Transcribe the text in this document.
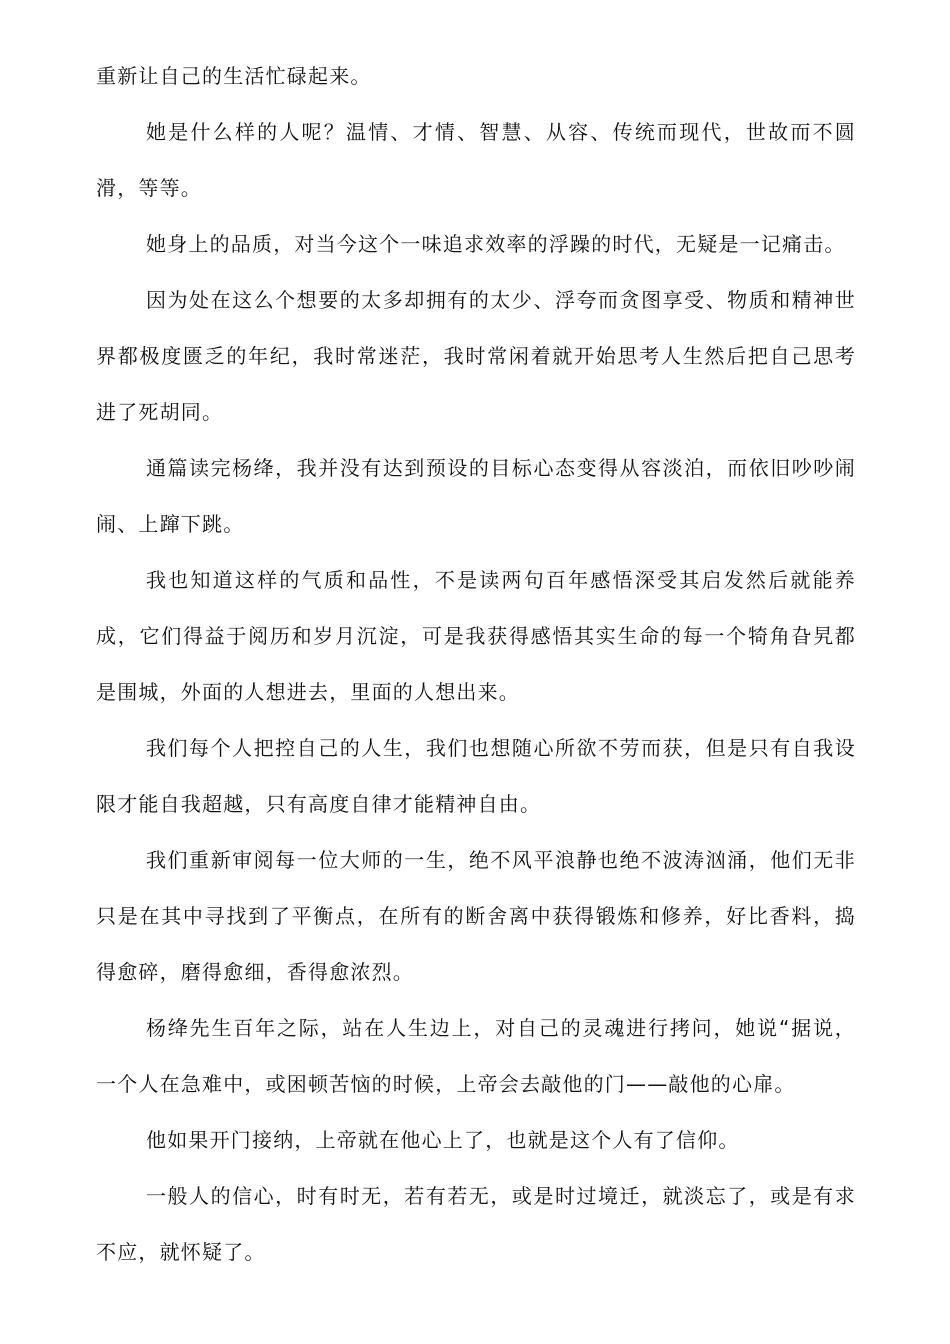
重新让自己的生活忙碌起来。

她是什么样的人呢？温情、才情、智慧、从容、传统而现代，世故而不圆滑，等等。

她身上的品质，对当今这个一味追求效率的浮躁的时代，无疑是一记痛击。

因为处在这么个想要的太多却拥有的太少、浮夸而贪图享受、物质和精神世界都极度匮乏的年纪，我时常迷茫，我时常闲着就开始思考人生然后把自己思考进了死胡同。

通篇读完杨绛，我并没有达到预设的目标心态变得从容淡泊，而依旧吵吵闹闹、上蹿下跳。

我也知道这样的气质和品性，不是读两句百年感悟深受其启发然后就能养成，它们得益于阅历和岁月沉淀，可是我获得感悟其实生命的每一个犄角旮旯都是围城，外面的人想进去，里面的人想出来。

我们每个人把控自己的人生，我们也想随心所欲不劳而获，但是只有自我设限才能自我超越，只有高度自律才能精神自由。

我们重新审阅每一位大师的一生，绝不风平浪静也绝不波涛汹涌，他们无非只是在其中寻找到了平衡点，在所有的断舍离中获得锻炼和修养，好比香料，捣得愈碎，磨得愈细，香得愈浓烈。

杨绛先生百年之际，站在人生边上，对自己的灵魂进行拷问，她说“据说，一个人在急难中，或困顿苦恼的时候，上帝会去敲他的门——敲他的心扉。

他如果开门接纳，上帝就在他心上了，也就是这个人有了信仰。

一般人的信心，时有时无，若有若无，或是时过境迁，就淡忘了，或是有求不应，就怀疑了。
